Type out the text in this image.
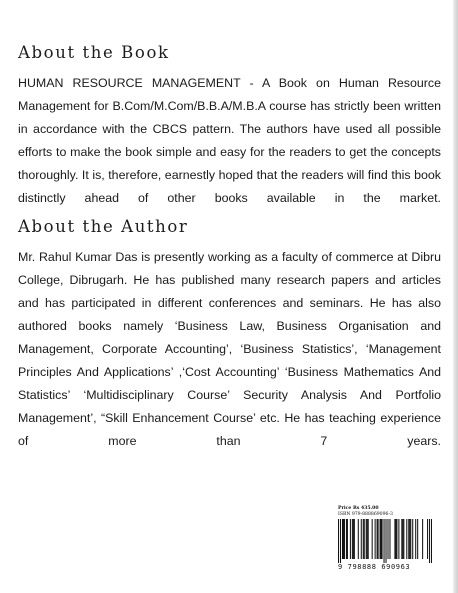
About the Book

HUMAN RESOURCE MANAGEMENT - A Book on Human Resource Management for B.Com/M.Com/B.B.A/M.B.A course has strictly been written in accordance with the CBCS pattern. The authors have used all possible efforts to make the book simple and easy for the readers to get the concepts thoroughly. It is, therefore, earnestly hoped that the readers will find this book distinctly ahead of other books available in the market.

About the Author

Mr. Rahul Kumar Das is presently working as a faculty of commerce at Dibru College, Dibrugarh. He has published many research papers and articles and has participated in different conferences and seminars. He has also authored books namely ‘Business Law, Business Organisation and Management, Corporate Accounting’, ‘Business Statistics’, ‘Management Principles And Applications’ ,‘Cost Accounting’ ‘Business Mathematics And Statistics’ ‘Multidisciplinary Course’ Security Analysis And Portfolio Management’, “Skill Enhancement Course’ etc. He has teaching experience of more than 7 years.

Price Rs 435.00
ISBN 979-888869096-3
9 798888 690963
